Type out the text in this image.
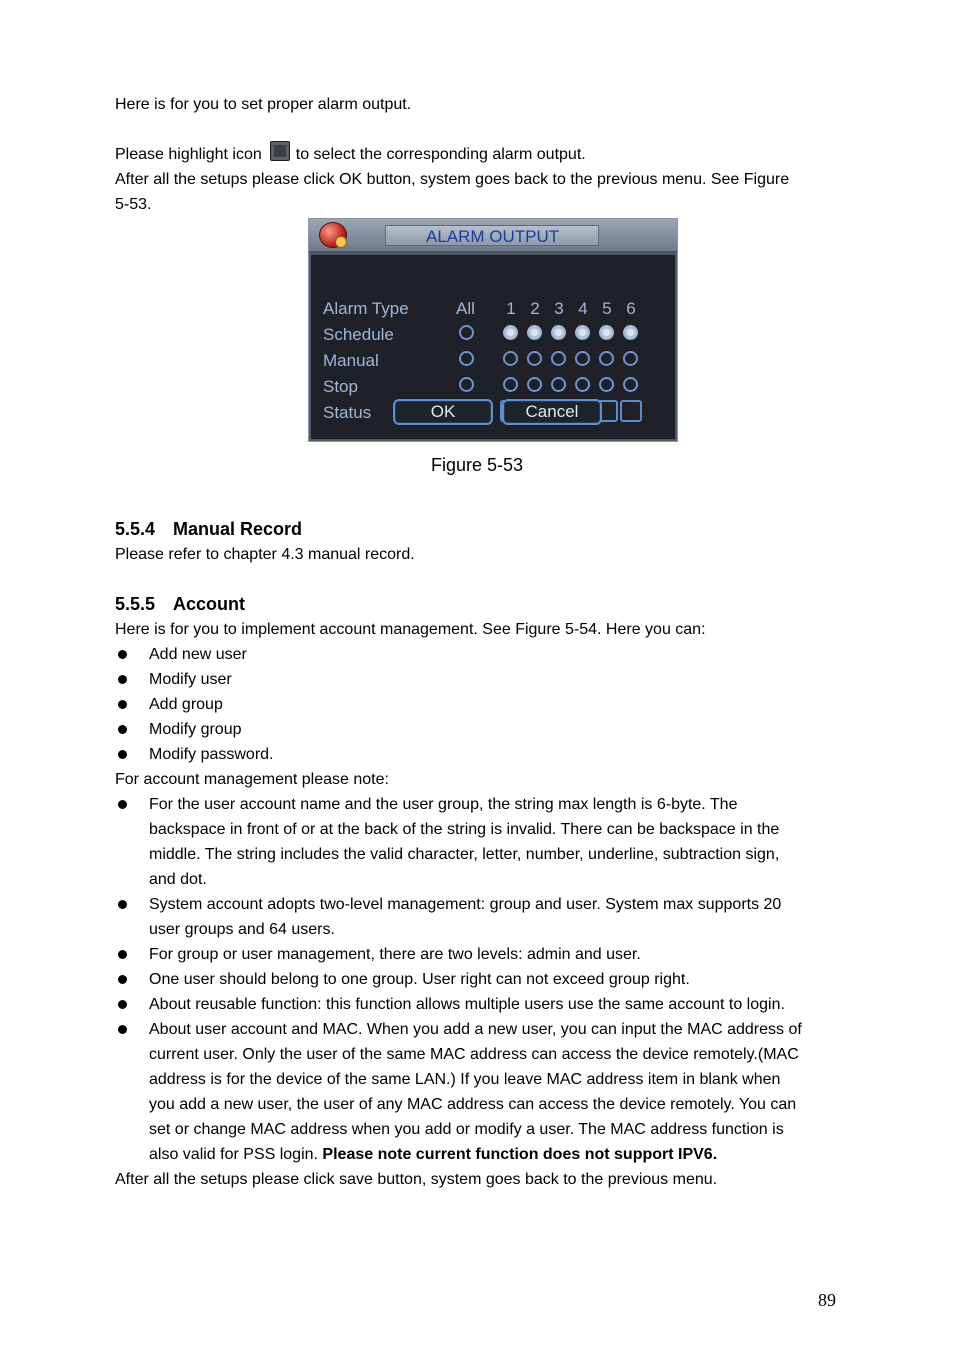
Here is for you to set proper alarm output.
Please highlight icon to select the corresponding alarm output.
After all the setups please click OK button, system goes back to the previous menu. See Figure
5-53.
ALARM OUTPUT
Alarm Type
Schedule
Manual
Stop
Status
All 1 2 3 4 5 6
OK	Cancel
Figure 5-53
5.5.4 Manual Record
Please refer to chapter 4.3 manual record.
5.5.5 Account
Here is for you to implement account management. See Figure 5-54. Here you can:
Add new user
Modify user
Add group
Modify group
Modify password.
For account management please note:
For the user account name and the user group, the string max length is 6-byte. The
backspace in front of or at the back of the string is invalid. There can be backspace in the
middle. The string includes the valid character, letter, number, underline, subtraction sign,
and dot.
System account adopts two-level management: group and user. System max supports 20
user groups and 64 users.
For group or user management, there are two levels: admin and user.
One user should belong to one group. User right can not exceed group right.
About reusable function: this function allows multiple users use the same account to login.
About user account and MAC. When you add a new user, you can input the MAC address of
current user. Only the user of the same MAC address can access the device remotely.(MAC
address is for the device of the same LAN.) If you leave MAC address item in blank when
you add a new user, the user of any MAC address can access the device remotely. You can
set or change MAC address when you add or modify a user. The MAC address function is
also valid for PSS login. Please note current function does not support IPV6.
After all the setups please click save button, system goes back to the previous menu.
89
